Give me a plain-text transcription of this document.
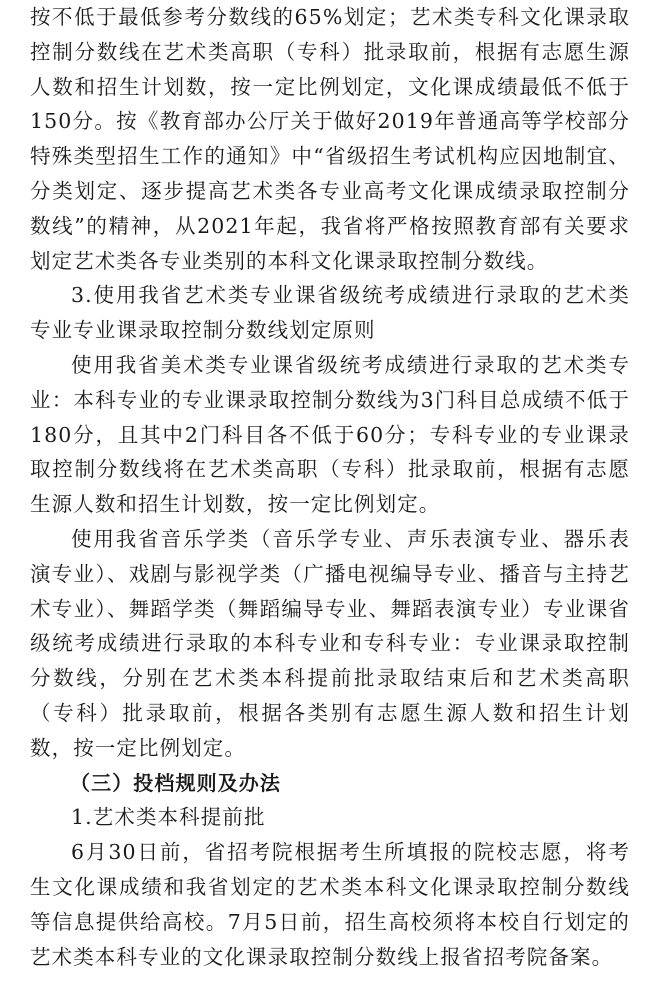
按不低于最低参考分数线的65%划定；艺术类专科文化课录取控制分数线在艺术类高职（专科）批录取前，根据有志愿生源人数和招生计划数，按一定比例划定，文化课成绩最低不低于150分。按《教育部办公厅关于做好2019年普通高等学校部分特殊类型招生工作的通知》中“省级招生考试机构应因地制宜、分类划定、逐步提高艺术类各专业高考文化课成绩录取控制分数线”的精神，从2021年起，我省将严格按照教育部有关要求划定艺术类各专业类别的本科文化课录取控制分数线。

3.使用我省艺术类专业课省级统考成绩进行录取的艺术类专业专业课录取控制分数线划定原则

使用我省美术类专业课省级统考成绩进行录取的艺术类专业：本科专业的专业课录取控制分数线为3门科目总成绩不低于180分，且其中2门科目各不低于60分；专科专业的专业课录取控制分数线将在艺术类高职（专科）批录取前，根据有志愿生源人数和招生计划数，按一定比例划定。

使用我省音乐学类（音乐学专业、声乐表演专业、器乐表演专业）、戏剧与影视学类（广播电视编导专业、播音与主持艺术专业）、舞蹈学类（舞蹈编导专业、舞蹈表演专业）专业课省级统考成绩进行录取的本科专业和专科专业：专业课录取控制分数线，分别在艺术类本科提前批录取结束后和艺术类高职（专科）批录取前，根据各类别有志愿生源人数和招生计划数，按一定比例划定。

（三）投档规则及办法

1.艺术类本科提前批

6月30日前，省招考院根据考生所填报的院校志愿，将考生文化课成绩和我省划定的艺术类本科文化课录取控制分数线等信息提供给高校。7月5日前，招生高校须将本校自行划定的艺术类本科专业的文化课录取控制分数线上报省招考院备案。
